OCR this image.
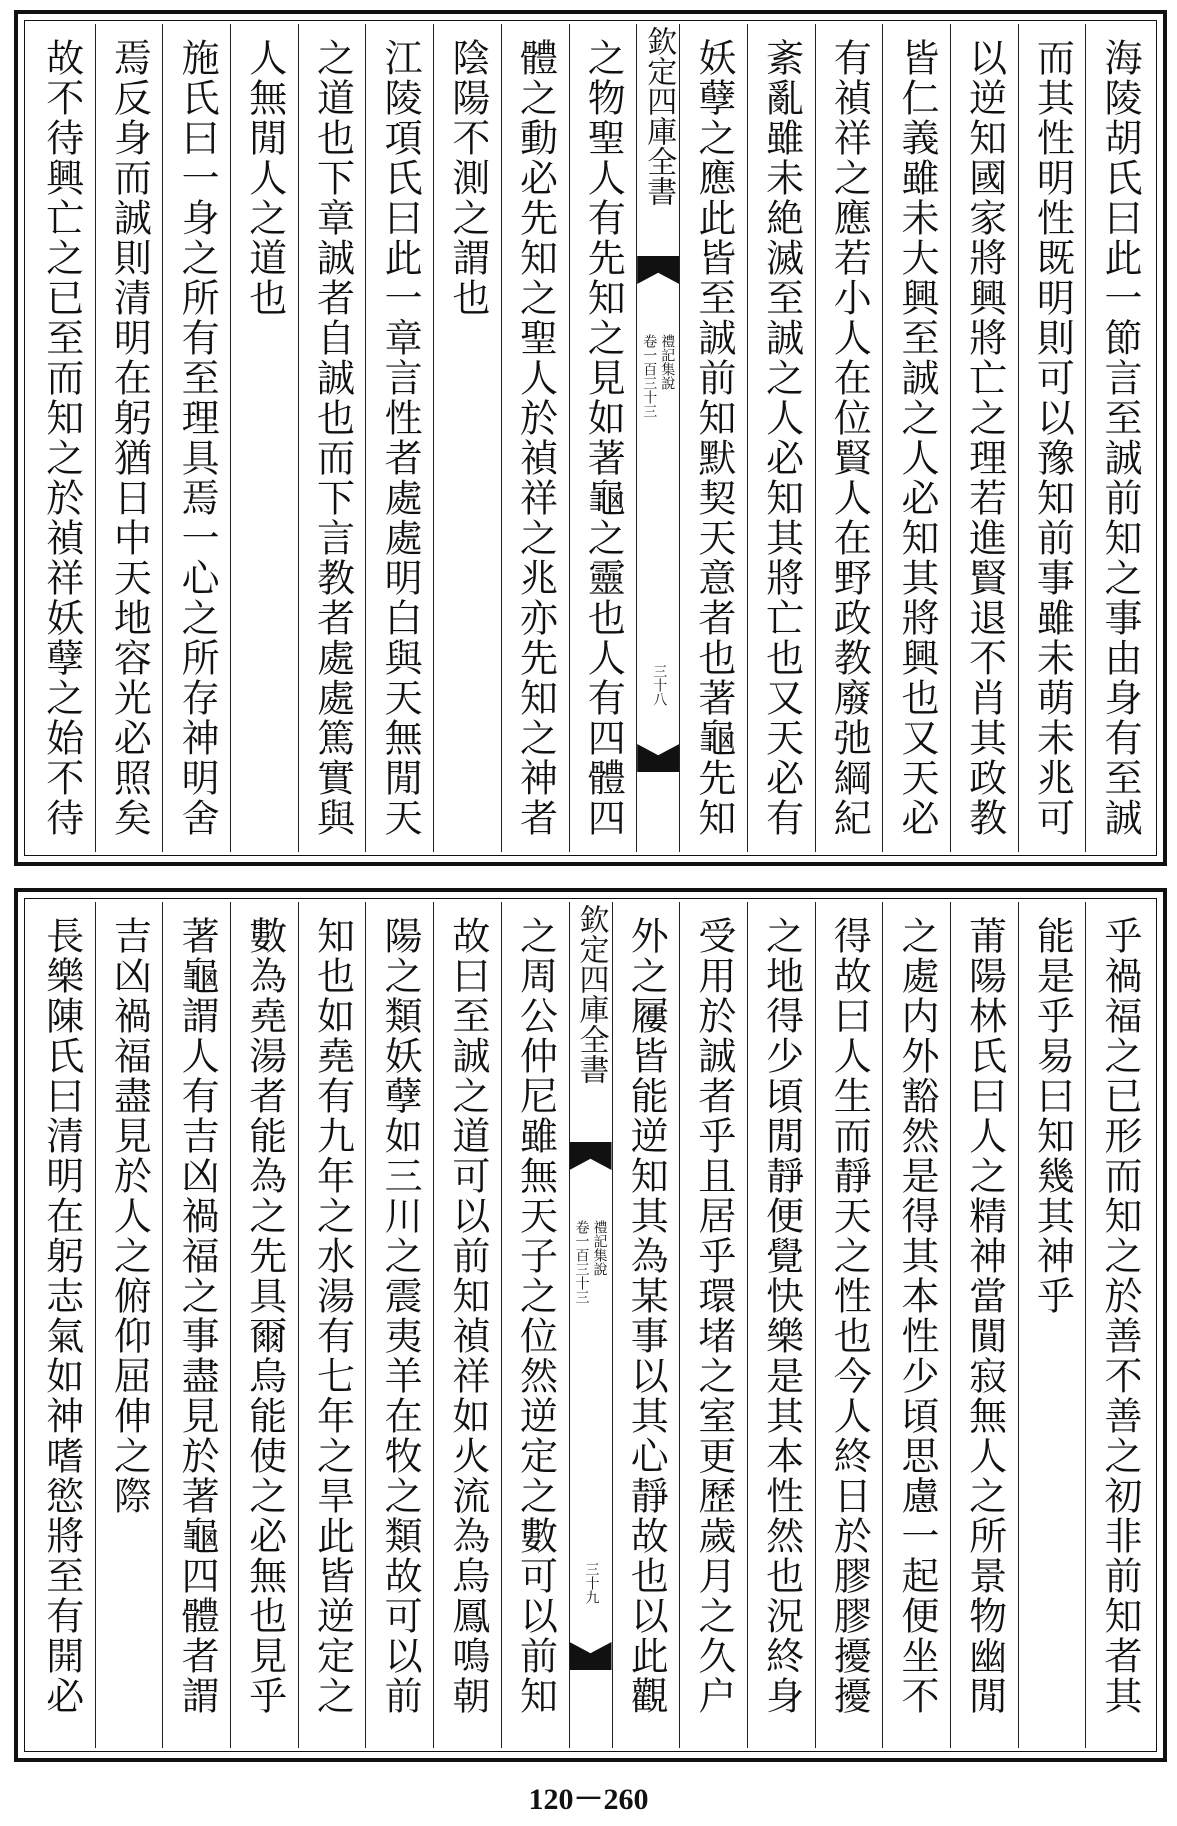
海陵胡氏曰此一節言至誠前知之事由身有至誠
而其性明性既明則可以豫知前事雖未萌未兆可
以逆知國家將興將亡之理若進賢退不肖其政教
皆仁義雖未大興至誠之人必知其將興也又天必
有禎祥之應若小人在位賢人在野政教廢弛綱紀
紊亂雖未絶滅至誠之人必知其將亡也又天必有
妖孽之應此皆至誠前知默契天意者也著龜先知
欽定四庫全書
禮記集說
卷一百三十三
三十八
之物聖人有先知之見如著龜之靈也人有四體四
體之動必先知之聖人於禎祥之兆亦先知之神者
陰陽不測之謂也
江陵項氏曰此一章言性者處處明白與天無閒天
之道也下章誠者自誠也而下言教者處處篤實與
人無閒人之道也
施氏曰一身之所有至理具焉一心之所存神明舍
焉反身而誠則清明在躬猶日中天地容光必照矣
故不待興亡之已至而知之於禎祥妖孽之始不待
乎禍福之已形而知之於善不善之初非前知者其
能是乎易曰知幾其神乎
莆陽林氏曰人之精神當閴寂無人之所景物幽閒
之處内外豁然是得其本性少頃思慮一起便坐不
得故曰人生而靜天之性也今人終日於膠膠擾擾
之地得少頃閒靜便覺快樂是其本性然也況終身
受用於誠者乎且居乎環堵之室更歷歲月之久户
外之屨皆能逆知其為某事以其心靜故也以此觀
欽定四庫全書
禮記集說
卷一百三十三
三十九
之周公仲尼雖無天子之位然逆定之數可以前知
故曰至誠之道可以前知禎祥如火流為烏鳳鳴朝
陽之類妖孽如三川之震夷羊在牧之類故可以前
知也如堯有九年之水湯有七年之旱此皆逆定之
數為堯湯者能為之先具爾烏能使之必無也見乎
著龜謂人有吉凶禍福之事盡見於著龜四體者謂
吉凶禍福盡見於人之俯仰屈伸之際
長樂陳氏曰清明在躬志氣如神嗜慾將至有開必
120－260
